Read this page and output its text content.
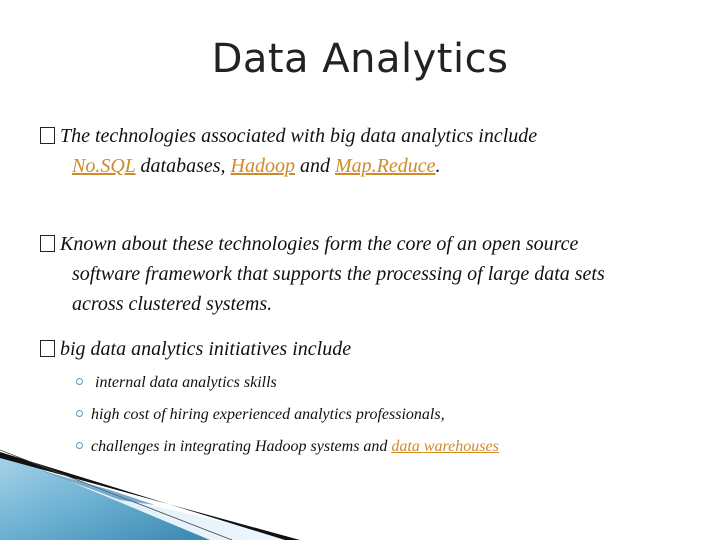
Data Analytics
The technologies associated with big data analytics include
No.SQL databases, Hadoop and Map.Reduce.
Known about these technologies form the core of an open source
software framework that supports the processing of large data sets
across clustered systems.
big data analytics initiatives include
internal data analytics skills
high cost of hiring experienced analytics professionals,
challenges in integrating Hadoop systems and data warehouses
